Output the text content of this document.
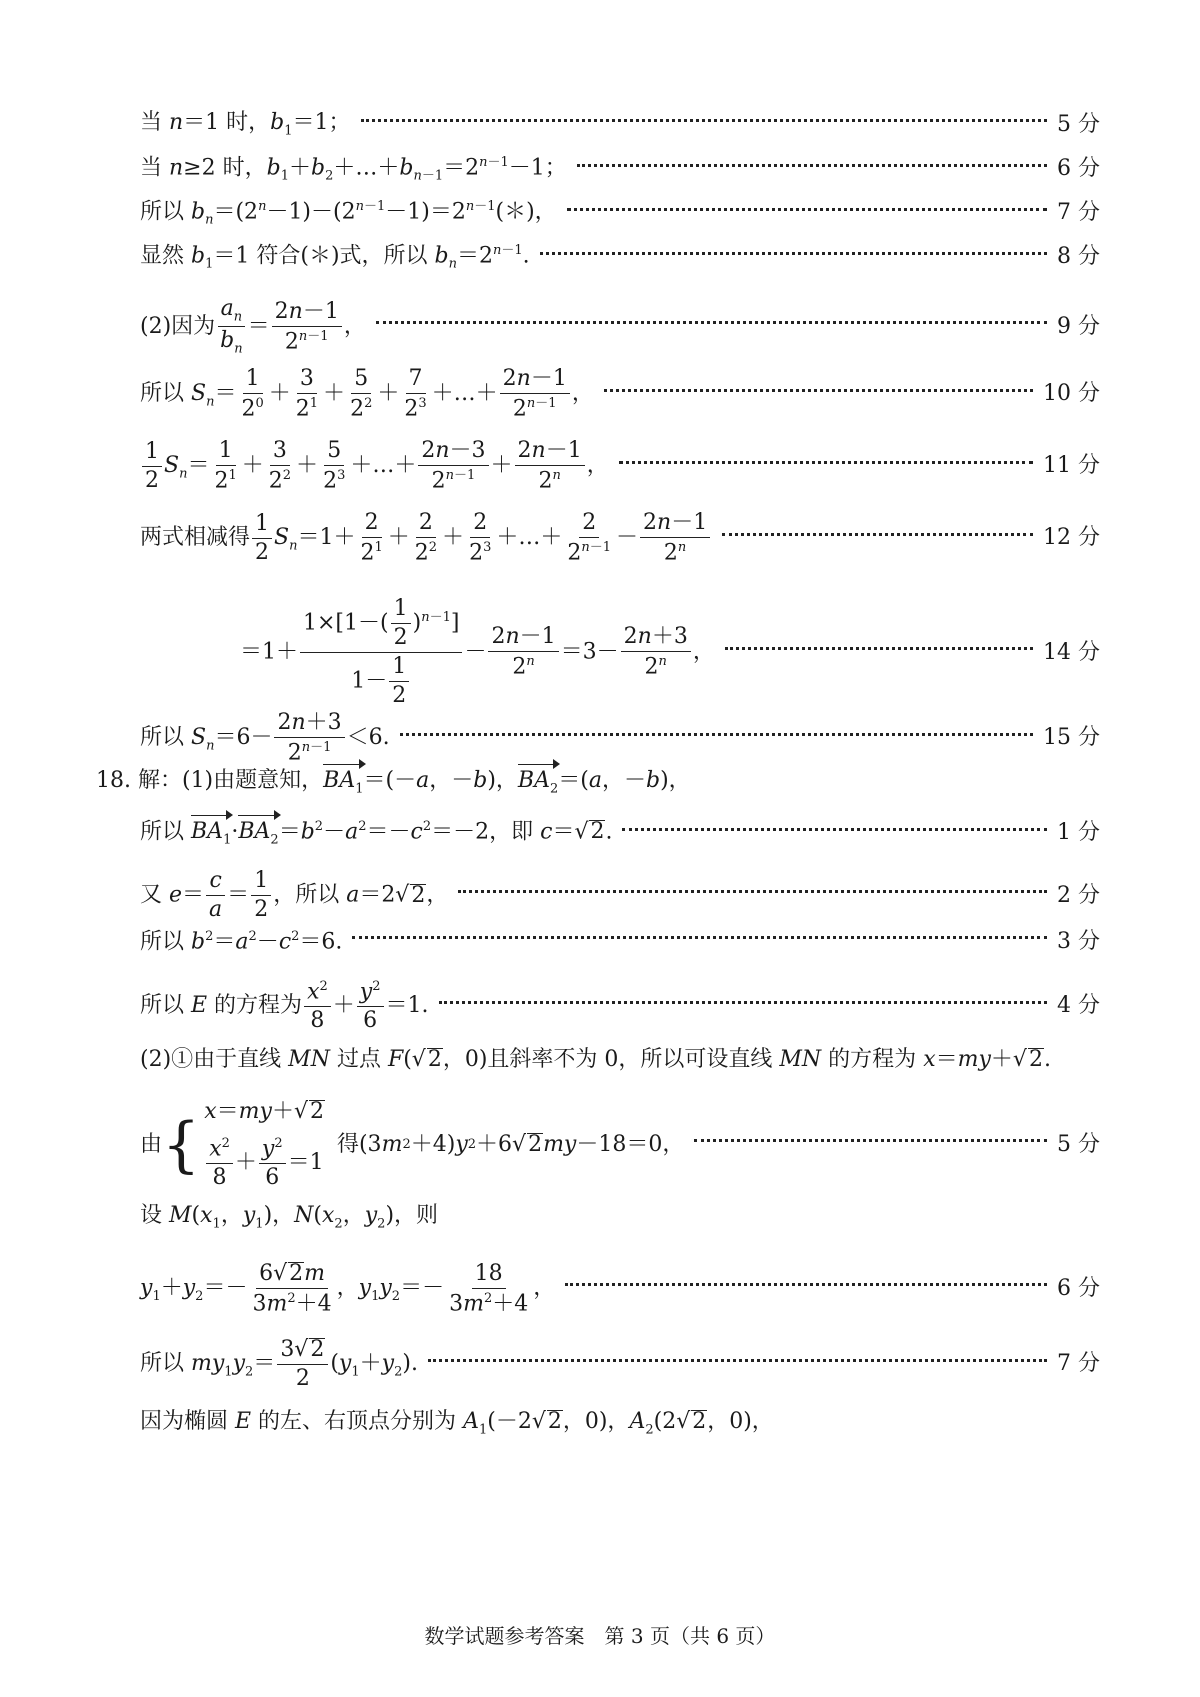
当 n＝1 时，$b_1=1$；	5 分
当 n≥2 时，$b_1+b_2+\dots+b_{n-1}=2^{n-1}-1$；	6 分
所以 $b_n=(2^n-1)-(2^{n-1}-1)=2^{n-1}(*)$，	7 分
显然 $b_1=1$ 符合(＊)式，所以 $b_n=2^{n-1}$.	8 分
(2)因为 $\frac{a_n}{b_n} = \frac{2n-1}{2^{n-1}}$ ，	9 分
所以 $S_n= \frac{1}{2^0} + \frac{3}{2^1} + \frac{5}{2^2} + \frac{7}{2^3}$ ＋…＋ $\frac{2n-1}{2^{n-1}}$ ，	10 分
$\frac{1}{2} S_n= \frac{1}{2^1} + \frac{3}{2^2} + \frac{5}{2^3}$ ＋…＋ $\frac{2n-3}{2^{n-1}} + \frac{2n-1}{2^n}$ ，	11 分
两式相减得 $\frac{1}{2} S_n=1+ \frac{2}{2^1} + \frac{2}{2^2} + \frac{2}{2^3}$ ＋…＋ $\frac{2}{2^{n-1}} - \frac{2n-1}{2^n}$	12 分
$=1+ \frac{1\times[1-( \frac{1}{2} )^{n-1}]}{1- \frac{1}{2}} - \frac{2n-1}{2^n} =3- \frac{2n+3}{2^n}$ ，	14 分
所以 $S_n=6- \frac{2n+3}{2^{n-1}} <6$.	15 分
18. 解：(1)由题意知，$BA_1=(-a$，－b)，$BA_2=(a$，－b)，
所以 $BA_1\cdot BA_2=b^2-a^2=-c^2=-2$，即 c＝√2.	1 分
又 $e= \frac{c}{a} = \frac{1}{2}$ ，所以 a＝2√2，	2 分
所以 $b^2=a^2-c^2=6$.	3 分
所以 E 的方程为 $\frac{x^2}{8} + \frac{y^2}{6} =1$.	4 分
(2)①由于直线 MN 过点 F(√2，0)且斜率不为 0，所以可设直线 MN 的方程为 x＝my＋√2.
由 { x＝my＋√2
$\frac{x^2}{8} + \frac{y^2}{6} =1$
得(3 m 2 ＋4) y 2 ＋6√ 2 my －18＝0，	5 分
设 $M(x_1$，$y_1$)，$N(x_2$，$y_2$)，则
$y_1+y_2=- \frac{6√2m}{3m^2+4}$ ，$y_1y_2=- \frac{18}{3m^2+4}$ ，	6 分
所以 $my_1y_2= \frac{3√2}{2} (y_1+y_2)$.	7 分
因为椭圆 E 的左、右顶点分别为 $A_1(-2√2$，0)，$A_2(2√2$，0)，
数学试题参考答案　第 3 页（共 6 页）
